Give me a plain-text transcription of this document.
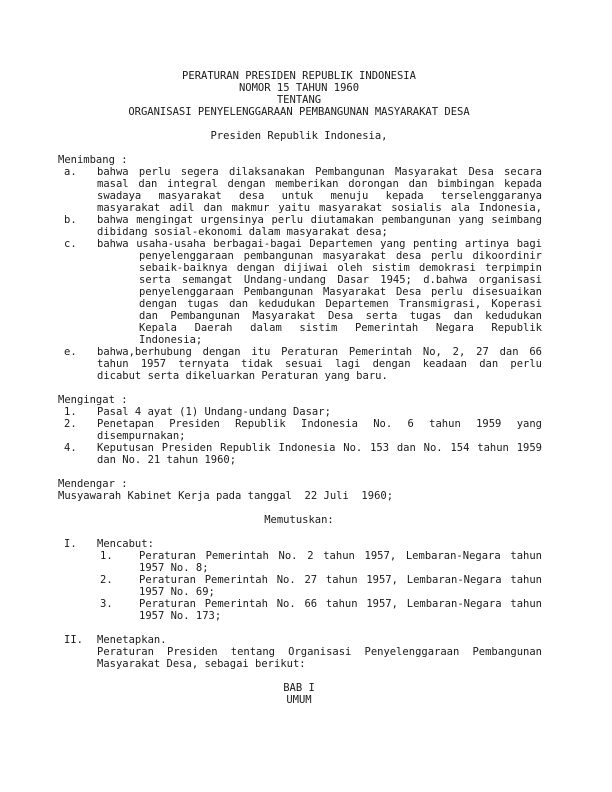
PERATURAN PRESIDEN REPUBLIK INDONESIA
NOMOR 15 TAHUN 1960
TENTANG
ORGANISASI PENYELENGGARAAN PEMBANGUNAN MASYARAKAT DESA
Presiden Republik Indonesia,
Menimbang :
a. bahwa perlu segera dilaksanakan Pembangunan Masyarakat Desa secara
masal dan integral dengan memberikan dorongan dan bimbingan kepada
swadaya masyarakat desa untuk menuju kepada terselenggaranya
masyarakat adil dan makmur yaitu masyarakat sosialis ala Indonesia,
b. bahwa mengingat urgensinya perlu diutamakan pembangunan yang seimbang
dibidang sosial-ekonomi dalam masyarakat desa;
c. bahwa usaha-usaha berbagai-bagai Departemen yang penting artinya bagi
penyelenggaraan pembangunan masyarakat desa perlu dikoordinir
sebaik-baiknya dengan dijiwai oleh sistim demokrasi terpimpin
serta semangat Undang-undang Dasar 1945; d.bahwa organisasi
penyelenggaraan Pembangunan Masyarakat Desa perlu disesuaikan
dengan tugas dan kedudukan Departemen Transmigrasi, Koperasi
dan Pembangunan Masyarakat Desa serta tugas dan kedudukan
Kepala Daerah dalam sistim Pemerintah Negara Republik
Indonesia;
e. bahwa,berhubung dengan itu Peraturan Pemerintah No, 2, 27 dan 66
tahun 1957 ternyata tidak sesuai lagi dengan keadaan dan perlu
dicabut serta dikeluarkan Peraturan yang baru.
Mengingat :
1. Pasal 4 ayat (1) Undang-undang Dasar;
2. Penetapan Presiden Republik Indonesia No. 6 tahun 1959 yang
disempurnakan;
4. Keputusan Presiden Republik Indonesia No. 153 dan No. 154 tahun 1959
dan No. 21 tahun 1960;
Mendengar :
Musyawarah Kabinet Kerja pada tanggal  22 Juli  1960;
Memutuskan:
I. Mencabut:
1.	Peraturan Pemerintah No. 2 tahun 1957, Lembaran-Negara tahun
1957 No. 8;
2.	Peraturan Pemerintah No. 27 tahun 1957, Lembaran-Negara tahun
1957 No. 69;
3.	Peraturan Pemerintah No. 66 tahun 1957, Lembaran-Negara tahun
1957 No. 173;
II. Menetapkan.
Peraturan Presiden tentang Organisasi Penyelenggaraan Pembangunan
Masyarakat Desa, sebagai berikut:
BAB I
UMUM
